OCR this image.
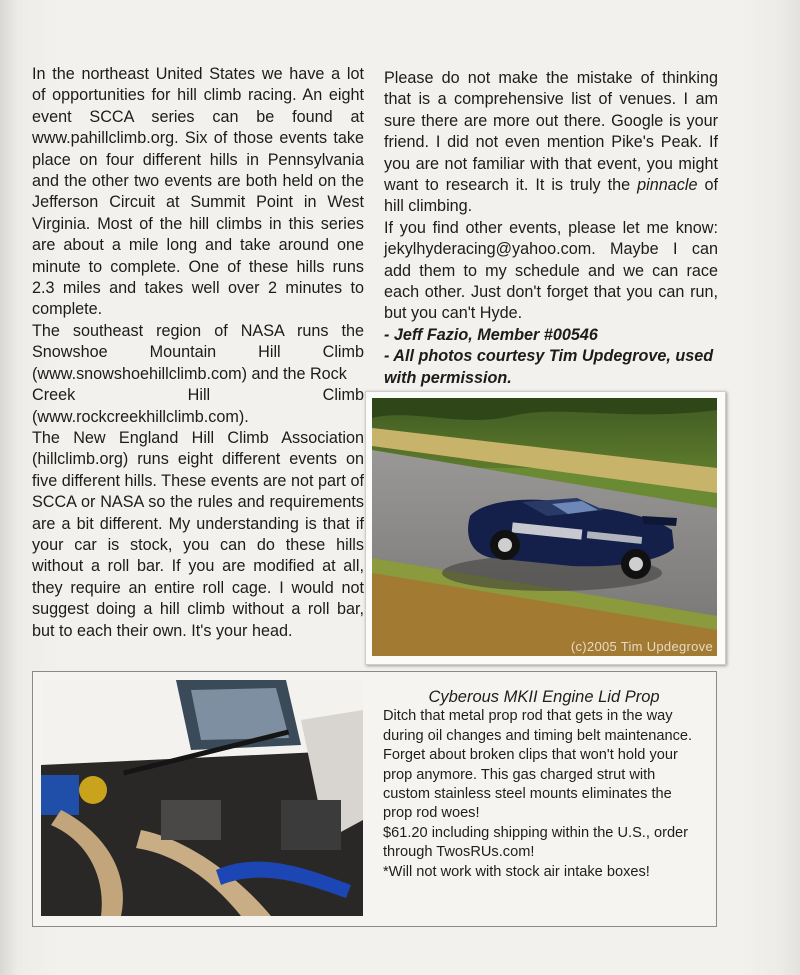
In the northeast United States we have a lot of opportunities for hill climb racing. An eight event SCCA series can be found at www.pahillclimb.org. Six of those events take place on four different hills in Pennsylvania and the other two events are both held on the Jefferson Circuit at Summit Point in West Virginia. Most of the hill climbs in this series are about a mile long and take around one minute to complete. One of these hills runs 2.3 miles and takes well over 2 minutes to complete.

The southeast region of NASA runs the Snowshoe Mountain Hill Climb

(www.snowshoehillclimb.com) and the Rock

Creek Hill Climb

(www.rockcreekhillclimb.com).

The New England Hill Climb Association (hillclimb.org) runs eight different events on five different hills. These events are not part of SCCA or NASA so the rules and requirements are a bit different. My understanding is that if your car is stock, you can do these hills without a roll bar. If you are modified at all, they require an entire roll cage. I would not suggest doing a hill climb without a roll bar, but to each their own. It's your head.

Please do not make the mistake of thinking that is a comprehensive list of venues. I am sure there are more out there. Google is your friend. I did not even mention Pike's Peak. If you are not familiar with that event, you might want to research it. It is truly the pinnacle of hill climbing.

If you find other events, please let me know: jekylhyderacing@yahoo.com. Maybe I can add them to my schedule and we can race each other. Just don't forget that you can run, but you can't Hyde.

- Jeff Fazio, Member #00546

- All photos courtesy Tim Updegrove, used with permission.

(c)2005 Tim Updegrove

Cyberous MKII Engine Lid Prop

Ditch that metal prop rod that gets in the way during oil changes and timing belt maintenance. Forget about broken clips that won't hold your prop anymore. This gas charged strut with custom stainless steel mounts eliminates the prop rod woes!

$61.20 including shipping within the U.S., order through TwosRUs.com!

*Will not work with stock air intake boxes!
